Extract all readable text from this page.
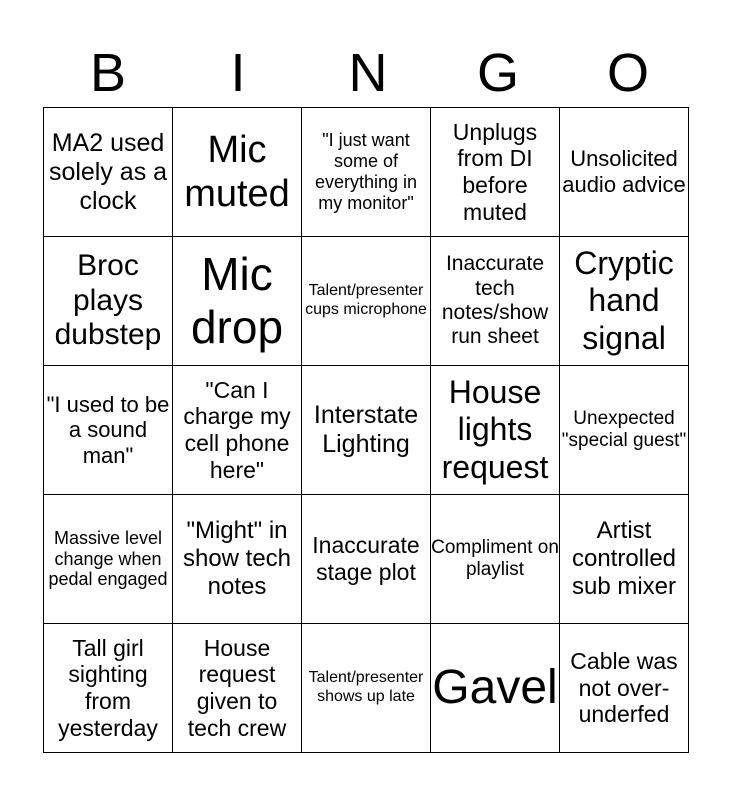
B	I	N	G	O
MA2 used solely as a clock	Mic muted	"I just want some of everything in my monitor"	Unplugs from DI before muted	Unsolicited audio advice
Broc plays dubstep	Mic drop	Talent/presenter cups microphone	Inaccurate tech notes/show run sheet	Cryptic hand signal
"I used to be a sound man"	"Can I charge my cell phone here"	Interstate Lighting	House lights request	Unexpected "special guest"
Massive level change when pedal engaged	"Might" in show tech notes	Inaccurate stage plot	Compliment on playlist	Artist controlled sub mixer
Tall girl sighting from yesterday	House request given to tech crew	Talent/presenter shows up late	Gavel	Cable was not over-underfed
